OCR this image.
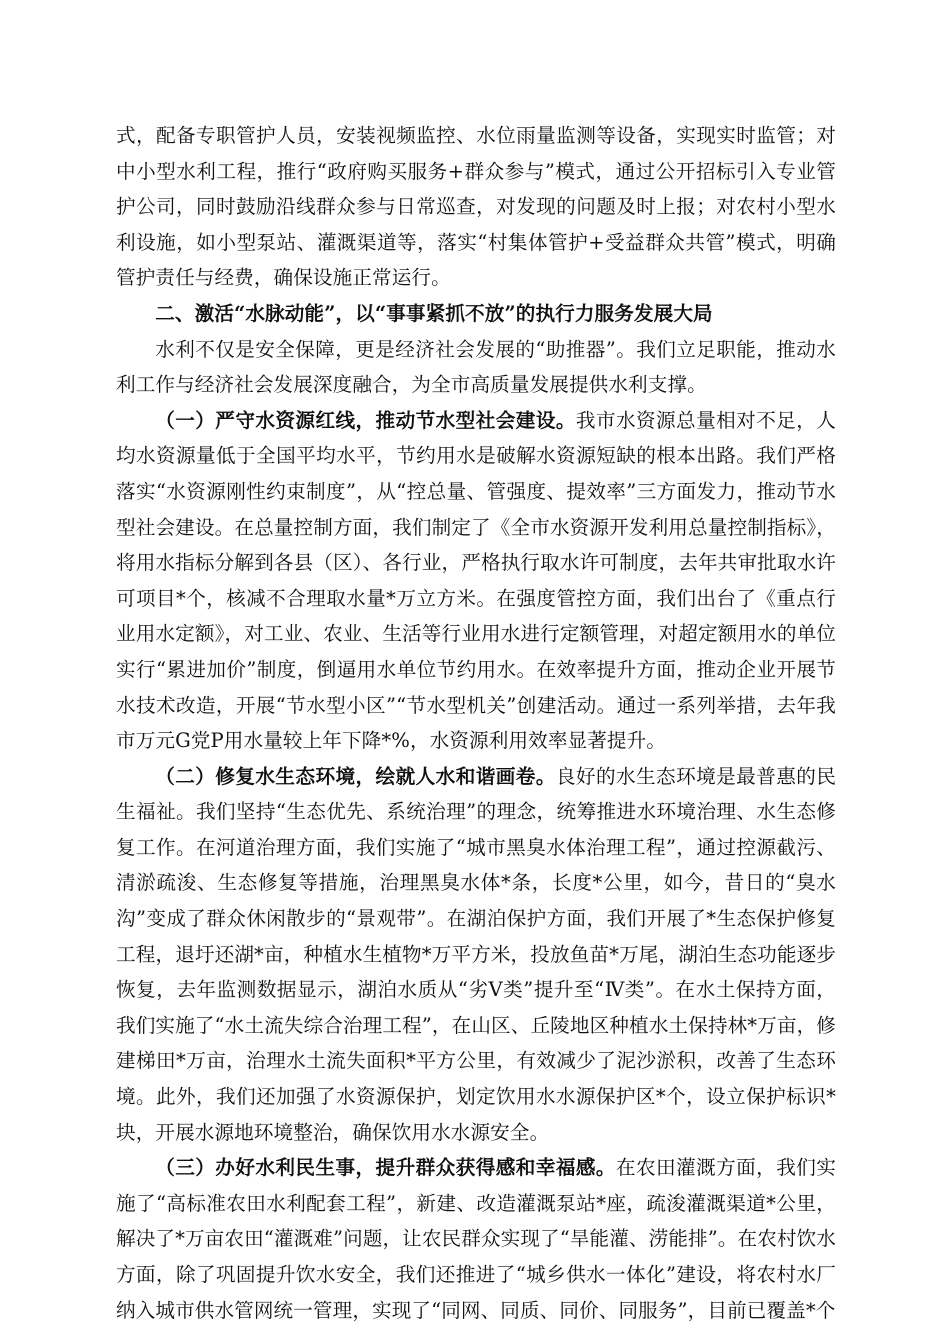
式，配备专职管护人员，安装视频监控、水位雨量监测等设备，实现实时监管；对中小型水利工程，推行“政府购买服务+群众参与”模式，通过公开招标引入专业管护公司，同时鼓励沿线群众参与日常巡查，对发现的问题及时上报；对农村小型水利设施，如小型泵站、灌溉渠道等，落实“村集体管护+受益群众共管”模式，明确管护责任与经费，确保设施正常运行。

二、激活“水脉动能”，以“事事紧抓不放”的执行力服务发展大局

水利不仅是安全保障，更是经济社会发展的“助推器”。我们立足职能，推动水利工作与经济社会发展深度融合，为全市高质量发展提供水利支撑。

（一）严守水资源红线，推动节水型社会建设。我市水资源总量相对不足，人均水资源量低于全国平均水平，节约用水是破解水资源短缺的根本出路。我们严格落实“水资源刚性约束制度”，从“控总量、管强度、提效率”三方面发力，推动节水型社会建设。在总量控制方面，我们制定了《全市水资源开发利用总量控制指标》，将用水指标分解到各县（区）、各行业，严格执行取水许可制度，去年共审批取水许可项目*个，核减不合理取水量*万立方米。在强度管控方面，我们出台了《重点行业用水定额》，对工业、农业、生活等行业用水进行定额管理，对超定额用水的单位实行“累进加价”制度，倒逼用水单位节约用水。在效率提升方面，推动企业开展节水技术改造，开展“节水型小区”“节水型机关”创建活动。通过一系列举措，去年我市万元G党P用水量较上年下降*%，水资源利用效率显著提升。

（二）修复水生态环境，绘就人水和谐画卷。良好的水生态环境是最普惠的民生福祉。我们坚持“生态优先、系统治理”的理念，统筹推进水环境治理、水生态修复工作。在河道治理方面，我们实施了“城市黑臭水体治理工程”，通过控源截污、清淤疏浚、生态修复等措施，治理黑臭水体*条，长度*公里，如今，昔日的“臭水沟”变成了群众休闲散步的“景观带”。在湖泊保护方面，我们开展了*生态保护修复工程，退圩还湖*亩，种植水生植物*万平方米，投放鱼苗*万尾，湖泊生态功能逐步恢复，去年监测数据显示，湖泊水质从“劣Ⅴ类”提升至“Ⅳ类”。在水土保持方面，我们实施了“水土流失综合治理工程”，在山区、丘陵地区种植水土保持林*万亩，修建梯田*万亩，治理水土流失面积*平方公里，有效减少了泥沙淤积，改善了生态环境。此外，我们还加强了水资源保护，划定饮用水水源保护区*个，设立保护标识*块，开展水源地环境整治，确保饮用水水源安全。

（三）办好水利民生事，提升群众获得感和幸福感。在农田灌溉方面，我们实施了“高标准农田水利配套工程”，新建、改造灌溉泵站*座，疏浚灌溉渠道*公里，解决了*万亩农田“灌溉难”问题，让农民群众实现了“旱能灌、涝能排”。在农村饮水方面，除了巩固提升饮水安全，我们还推进了“城乡供水一体化”建设，将农村水厂纳入城市供水管网统一管理，实现了“同网、同质、同价、同服务”，目前已覆盖*个
